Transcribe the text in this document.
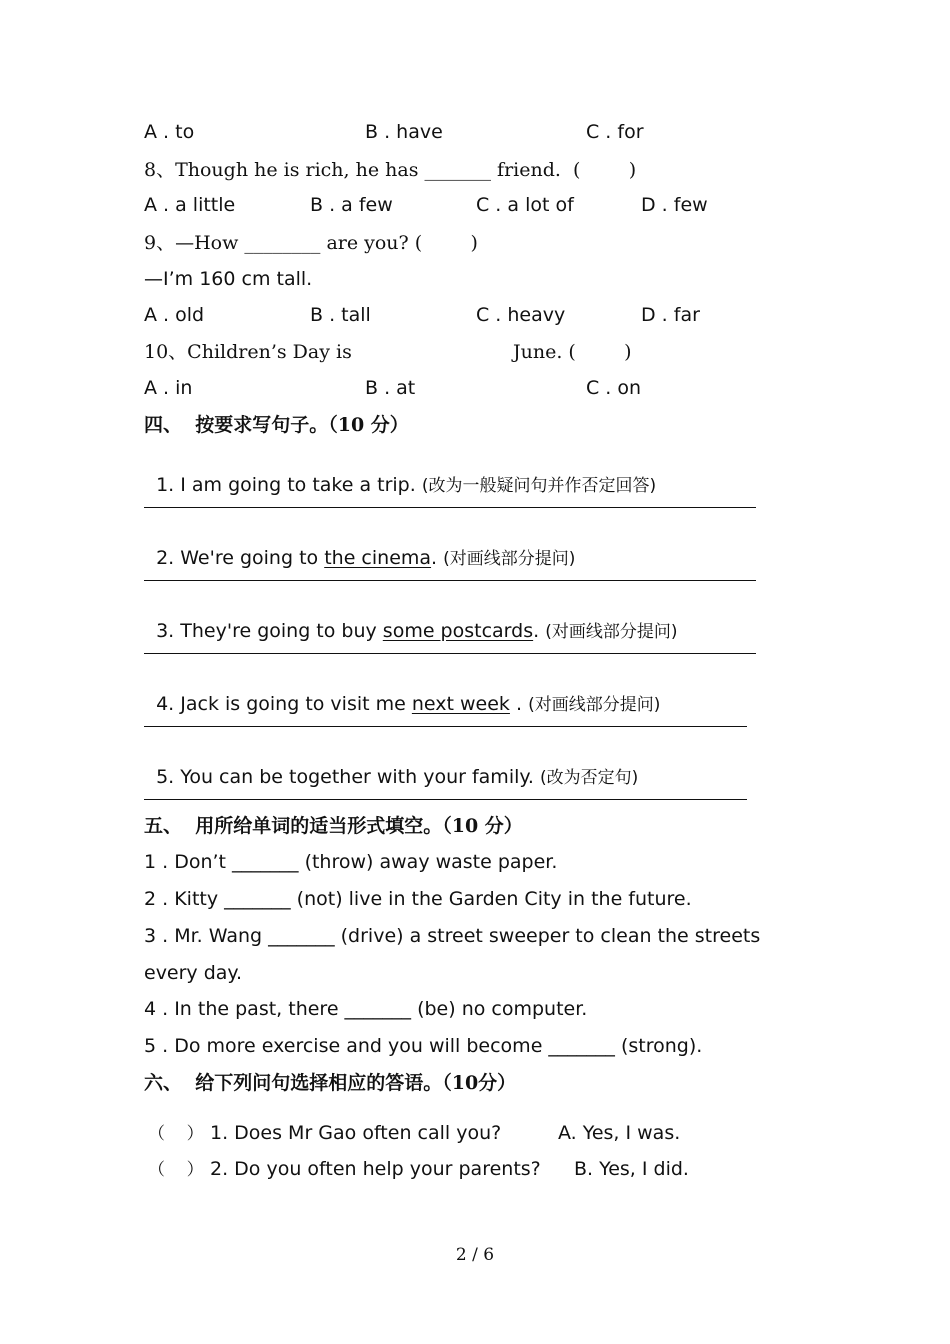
A . to	B . have	C . for
8、Though he is rich, he has _______ friend.  (        )
A . a little	B . a few	C . a lot of	D . few
9、—How ________ are you? (        )
—I’m 160 cm tall.
A . old	B . tall	C . heavy	D . far
10、Children’s Day is	June. (        )
A . in	B . at	C . on
四、  按要求写句子。（10 分）

1. I am going to take a trip. (改为一般疑问句并作否定回答)

2. We're going to the cinema. (对画线部分提问)

3. They're going to buy some postcards. (对画线部分提问)

4. Jack is going to visit me next week . (对画线部分提问)

5. You can be together with your family. (改为否定句)

五、  用所给单词的适当形式填空。（10 分）
1 . Don’t _______ (throw) away waste paper.
2 . Kitty _______ (not) live in the Garden City in the future.
3 . Mr. Wang _______ (drive) a street sweeper to clean the streets
every day.
4 . In the past, there _______ (be) no computer.
5 . Do more exercise and you will become _______ (strong).
六、  给下列问句选择相应的答语。（10分）
（    ） 1. Does Mr Gao often call you?	A. Yes, I was.
（    ） 2. Do you often help your parents? B. Yes, I did.
2 / 6
